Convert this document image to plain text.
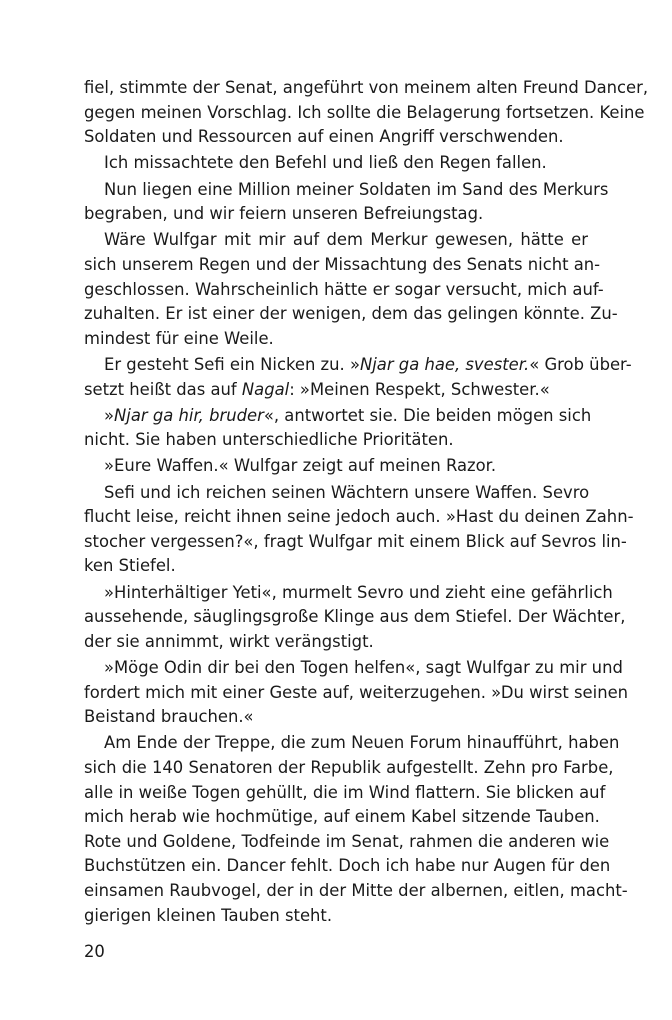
fiel, stimmte der Senat, angeführt von meinem alten Freund Dancer,
gegen meinen Vorschlag. Ich sollte die Belagerung fortsetzen. Keine
Soldaten und Ressourcen auf einen Angriff verschwenden.
Ich missachtete den Befehl und ließ den Regen fallen.
Nun liegen eine Million meiner Soldaten im Sand des Merkurs
begraben, und wir feiern unseren Befreiungstag.
Wäre Wulfgar mit mir auf dem Merkur gewesen, hätte er
sich unserem Regen und der Missachtung des Senats nicht an-
geschlossen. Wahrscheinlich hätte er sogar versucht, mich auf-
zuhalten. Er ist einer der wenigen, dem das gelingen könnte. Zu-
mindest für eine Weile.
Er gesteht Sefi ein Nicken zu. »Njar ga hae, svester.« Grob über-
setzt heißt das auf Nagal: »Meinen Respekt, Schwester.«
»Njar ga hir, bruder«, antwortet sie. Die beiden mögen sich
nicht. Sie haben unterschiedliche Prioritäten.
»Eure Waffen.« Wulfgar zeigt auf meinen Razor.
Sefi und ich reichen seinen Wächtern unsere Waffen. Sevro
flucht leise, reicht ihnen seine jedoch auch. »Hast du deinen Zahn-
stocher vergessen?«, fragt Wulfgar mit einem Blick auf Sevros lin-
ken Stiefel.
»Hinterhältiger Yeti«, murmelt Sevro und zieht eine gefährlich
aussehende, säuglingsgroße Klinge aus dem Stiefel. Der Wächter,
der sie annimmt, wirkt verängstigt.
»Möge Odin dir bei den Togen helfen«, sagt Wulfgar zu mir und
fordert mich mit einer Geste auf, weiterzugehen. »Du wirst seinen
Beistand brauchen.«
Am Ende der Treppe, die zum Neuen Forum hinaufführt, haben
sich die 140 Senatoren der Republik aufgestellt. Zehn pro Farbe,
alle in weiße Togen gehüllt, die im Wind flattern. Sie blicken auf
mich herab wie hochmütige, auf einem Kabel sitzende Tauben.
Rote und Goldene, Todfeinde im Senat, rahmen die anderen wie
Buchstützen ein. Dancer fehlt. Doch ich habe nur Augen für den
einsamen Raubvogel, der in der Mitte der albernen, eitlen, macht-
gierigen kleinen Tauben steht.
20
